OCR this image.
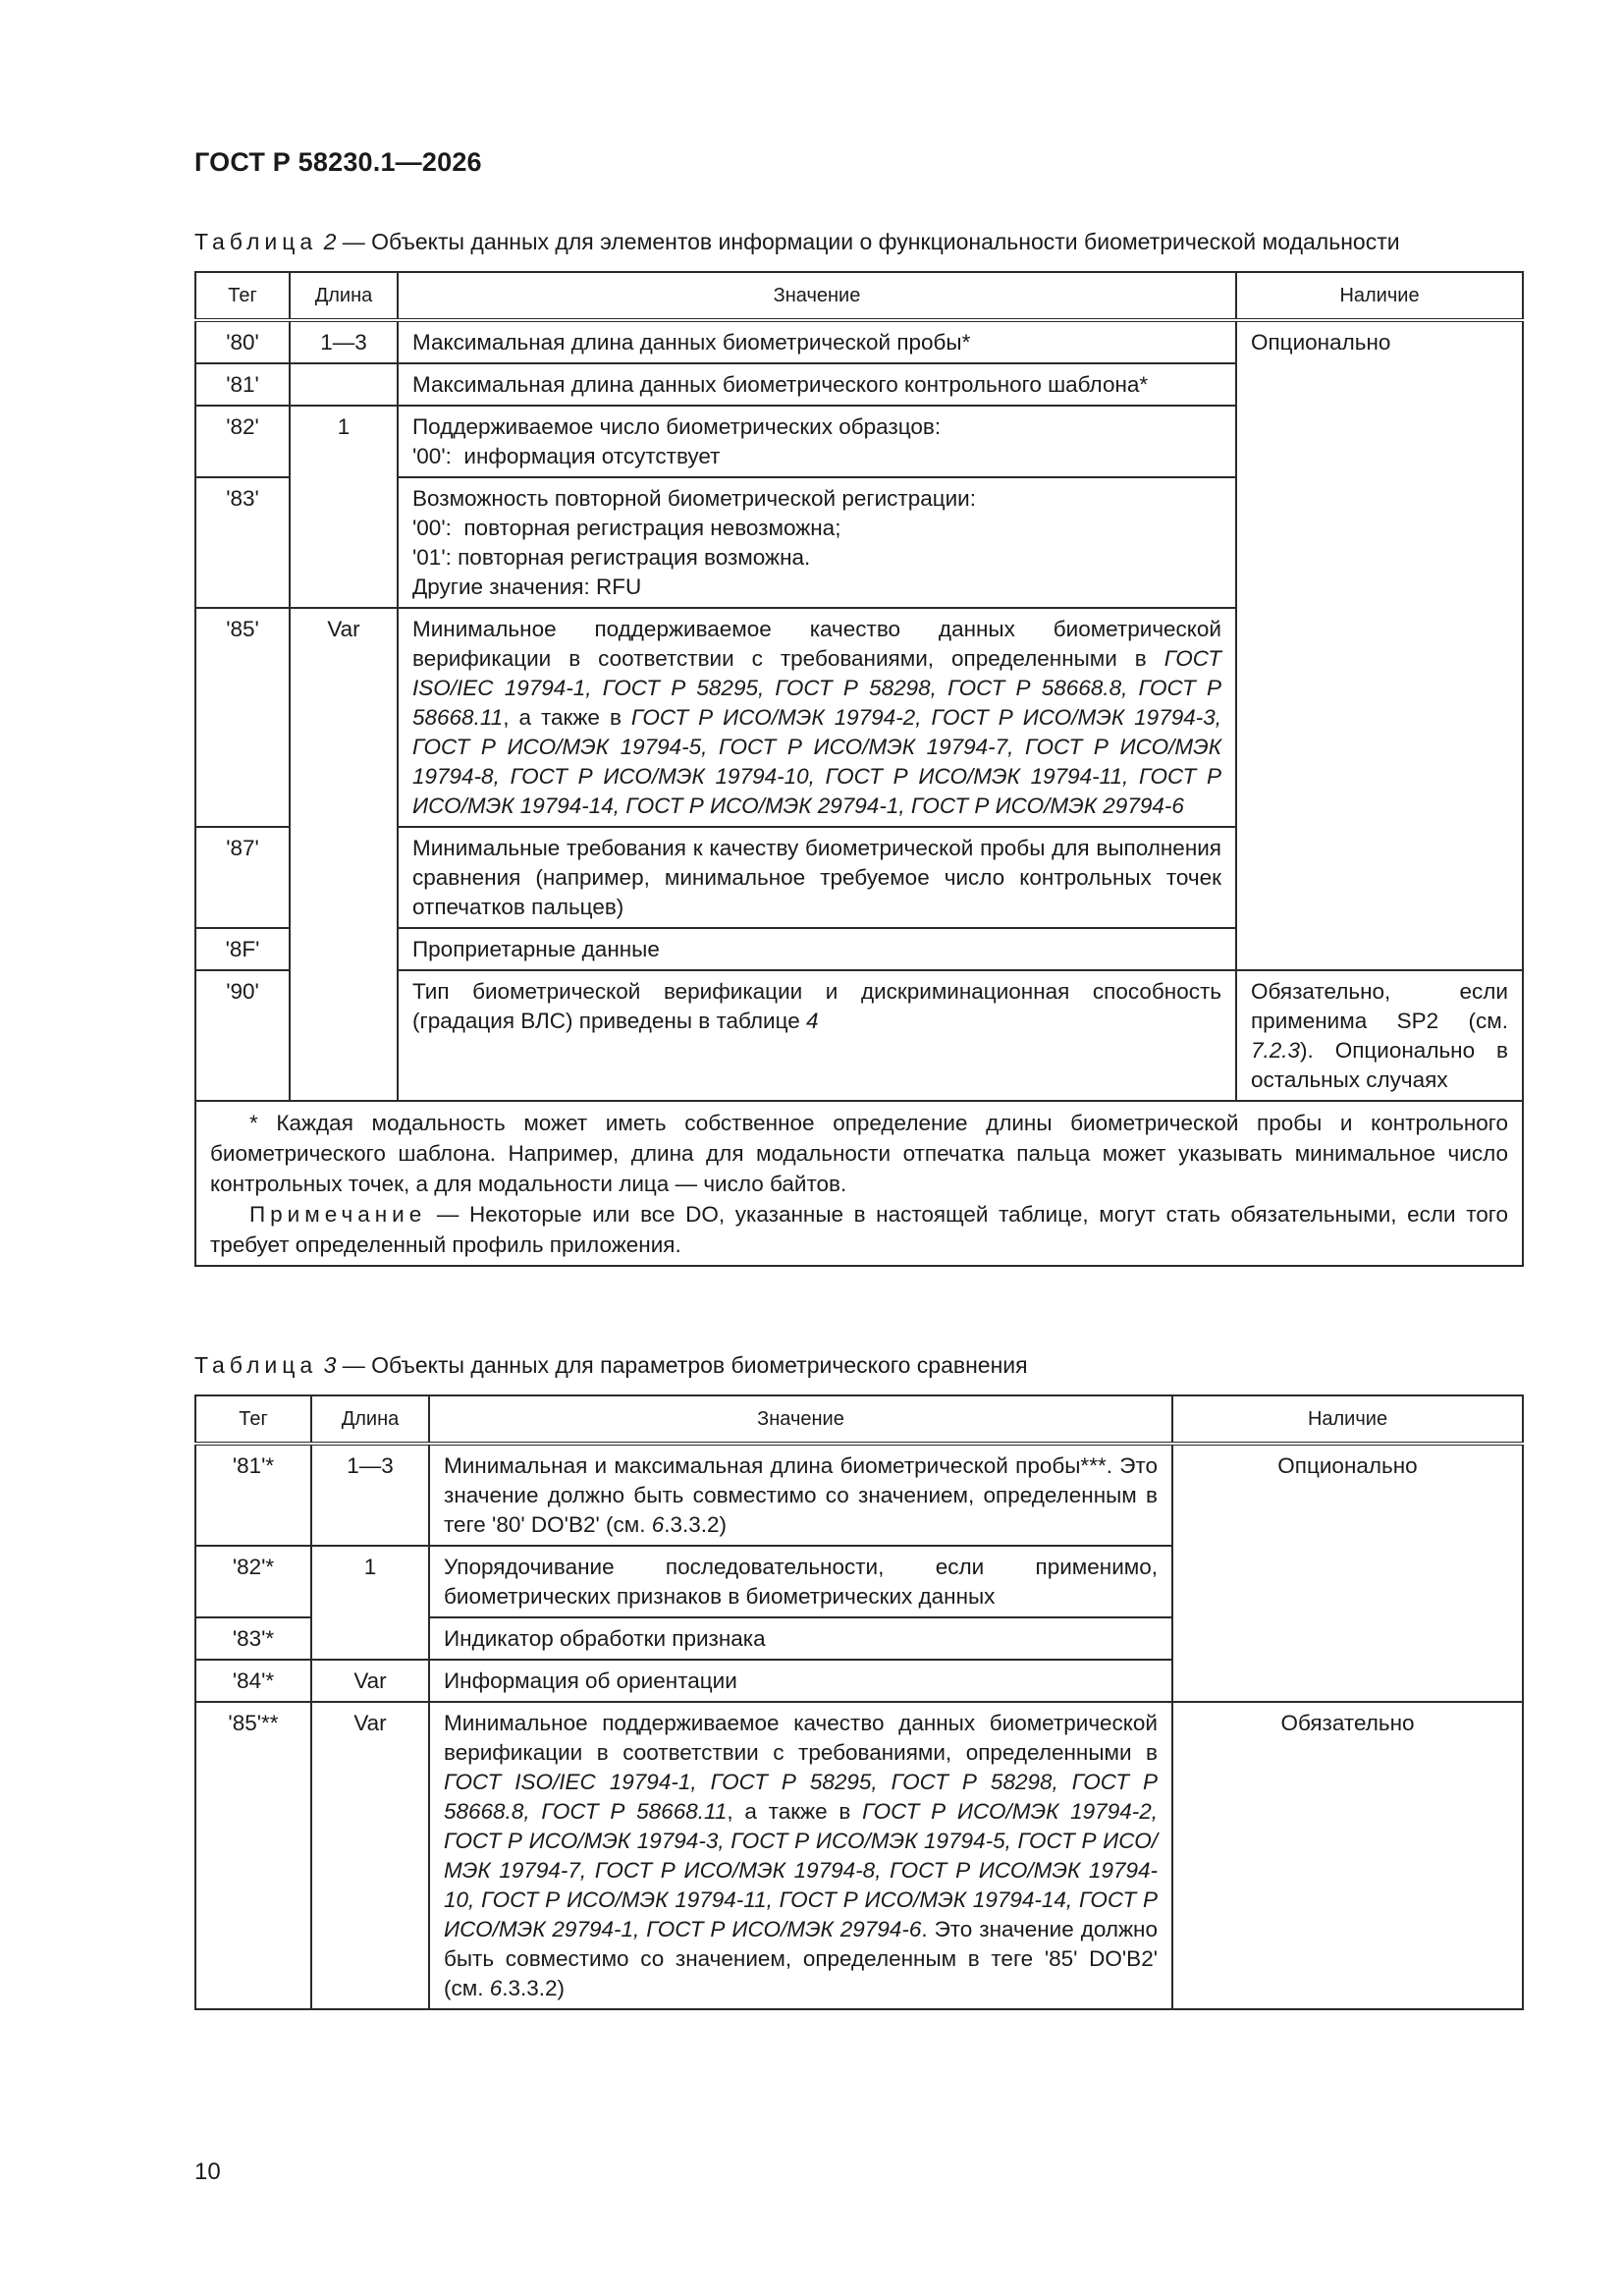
ГОСТ Р 58230.1—2026
Таблица 2 — Объекты данных для элементов информации о функциональности биометрической модальности
Тег	Длина	Значение	Наличие
'80'	1—3	Максимальная длина данных биометрической пробы*	Опционально
'81'		Максимальная длина данных биометрического контрольного шаблона*	
'82'	1	Поддерживаемое число биометрических образцов:
'00':  информация отсутствует	

'83'		Возможность повторной биометрической регистрации:
'00':  повторная регистрация невозможна;
'01': повторная регистрация возможна.
Другие значения: RFU	

'85'	Var	Минимальное поддерживаемое качество данных биометрической верификации в соответствии с требованиями, определенными в ГОСТ ISO/IEC 19794-1, ГОСТ Р 58295, ГОСТ Р 58298, ГОСТ Р 58668.8, ГОСТ Р 58668.11, а также в ГОСТ Р ИСО/МЭК 19794-2, ГОСТ Р ИСО/МЭК 19794-3, ГОСТ Р ИСО/МЭК 19794-5, ГОСТ Р ИСО/МЭК 19794-7, ГОСТ Р ИСО/МЭК 19794-8, ГОСТ Р ИСО/МЭК 19794-10, ГОСТ Р ИСО/МЭК 19794-11, ГОСТ Р ИСО/МЭК 19794-14, ГОСТ Р ИСО/МЭК 29794-1, ГОСТ Р ИСО/МЭК 29794-6	
'87'		Минимальные требования к качеству биометрической пробы для выполнения сравнения (например, минимальное требуемое число контрольных точек отпечатков пальцев)	
'8F'		Проприетарные данные	
'90'		Тип биометрической верификации и дискриминационная способность (градация ВЛС) приведены в таблице 4	Обязательно, если применима SP2 (см. 7.2.3). Опционально в остальных случаях

* Каждая модальность может иметь собственное определение длины биометрической пробы и контрольного биометрического шаблона. Например, длина для модальности отпечатка пальца может указывать минимальное число контрольных точек, а для модальности лица — число байтов.
Примечание — Некоторые или все DO, указанные в настоящей таблице, могут стать обязательными, если того требует определенный профиль приложения.			
Таблица 3 — Объекты данных для параметров биометрического сравнения
Тег	Длина	Значение	Наличие
'81'*	1—3	Минимальная и максимальная длина биометрической пробы***. Это значение должно быть совместимо со значением, определенным в теге '80' DO'B2' (см. 6.3.3.2)	Опционально
'82'*	1	Упорядочивание последовательности, если применимо, биометрических признаков в биометрических данных	
'83'*		Индикатор обработки признака	
'84'*	Var	Информация об ориентации	
'85'**	Var	Минимальное поддерживаемое качество данных биометрической верификации в соответствии с требованиями, определенными в ГОСТ ISO/IEC 19794-1, ГОСТ Р 58295, ГОСТ Р 58298, ГОСТ Р 58668.8, ГОСТ Р 58668.11, а также в ГОСТ Р ИСО/МЭК 19794-2, ГОСТ Р ИСО/МЭК 19794-3, ГОСТ Р ИСО/МЭК 19794-5, ГОСТ Р ИСО/МЭК 19794-7, ГОСТ Р ИСО/МЭК 19794-8, ГОСТ Р ИСО/МЭК 19794-10, ГОСТ Р ИСО/МЭК 19794-11, ГОСТ Р ИСО/МЭК 19794-14, ГОСТ Р ИСО/МЭК 29794-1, ГОСТ Р ИСО/МЭК 29794-6. Это значение должно быть совместимо со значением, определенным в теге '85' DO'B2' (см. 6.3.3.2)	Обязательно
10
